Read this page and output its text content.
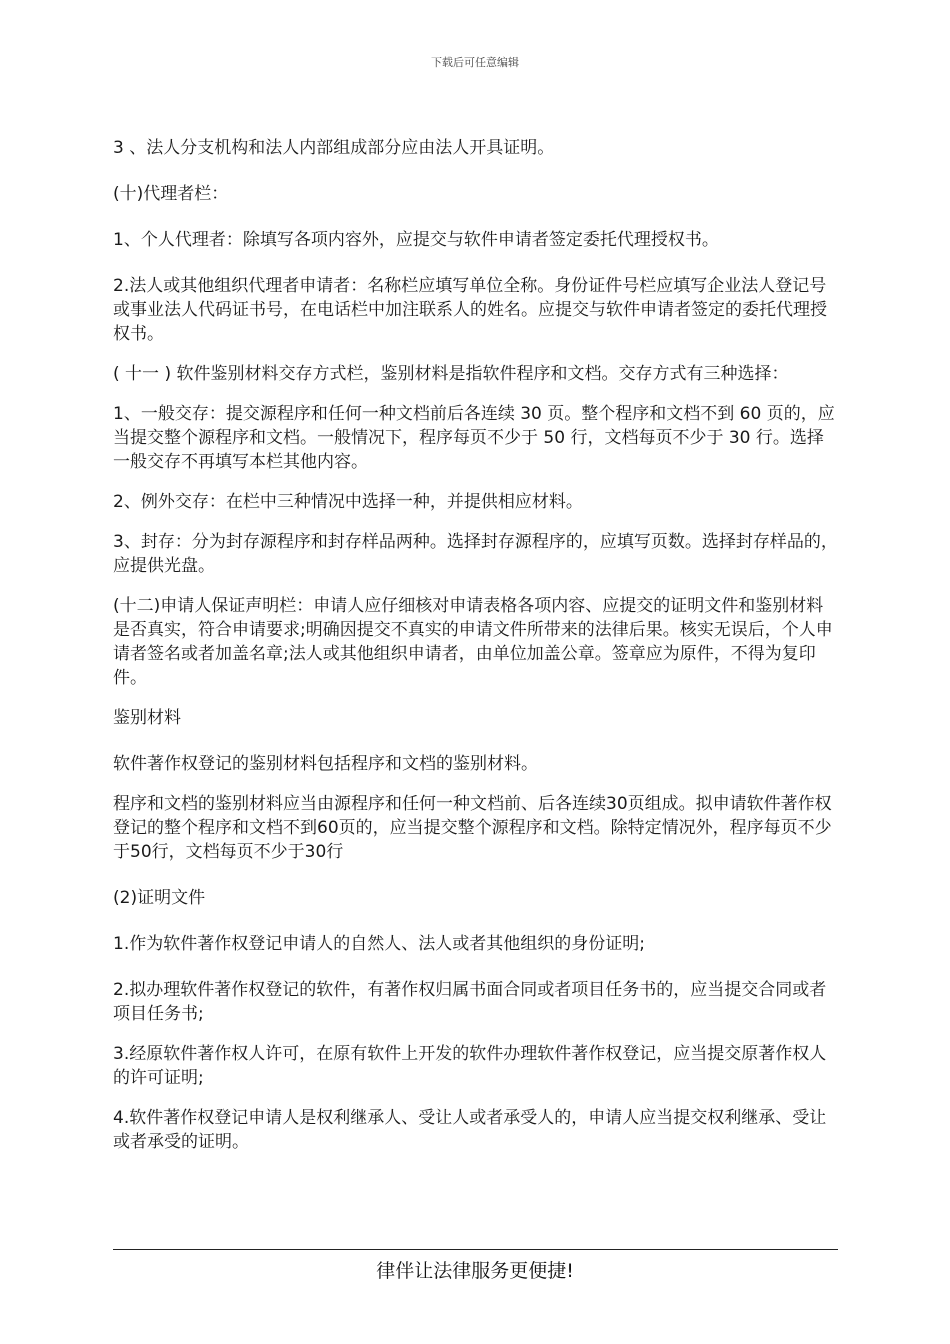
下载后可任意编辑

3 、法人分支机构和法人内部组成部分应由法人开具证明。

(十)代理者栏：

1、个人代理者：除填写各项内容外，应提交与软件申请者签定委托代理授权书。

2.法人或其他组织代理者申请者：名称栏应填写单位全称。身份证件号栏应填写企业法人登记号或事业法人代码证书号，在电话栏中加注联系人的姓名。应提交与软件申请者签定的委托代理授权书。

( 十一 ) 软件鉴别材料交存方式栏，鉴别材料是指软件程序和文档。交存方式有三种选择：

1、一般交存：提交源程序和任何一种文档前后各连续 30 页。整个程序和文档不到 60 页的，应当提交整个源程序和文档。一般情况下，程序每页不少于 50 行，文档每页不少于 30 行。选择一般交存不再填写本栏其他内容。

2、例外交存：在栏中三种情况中选择一种，并提供相应材料。

3、封存：分为封存源程序和封存样品两种。选择封存源程序的，应填写页数。选择封存样品的，应提供光盘。

(十二)申请人保证声明栏：申请人应仔细核对申请表格各项内容、应提交的证明文件和鉴别材料是否真实，符合申请要求;明确因提交不真实的申请文件所带来的法律后果。核实无误后，个人申请者签名或者加盖名章;法人或其他组织申请者，由单位加盖公章。签章应为原件，不得为复印件。

鉴别材料

软件著作权登记的鉴别材料包括程序和文档的鉴别材料。

程序和文档的鉴别材料应当由源程序和任何一种文档前、后各连续30页组成。拟申请软件著作权登记的整个程序和文档不到60页的，应当提交整个源程序和文档。除特定情况外，程序每页不少于50行，文档每页不少于30行

(2)证明文件

1.作为软件著作权登记申请人的自然人、法人或者其他组织的身份证明;

2.拟办理软件著作权登记的软件，有著作权归属书面合同或者项目任务书的，应当提交合同或者项目任务书;

3.经原软件著作权人许可，在原有软件上开发的软件办理软件著作权登记，应当提交原著作权人的许可证明;

4.软件著作权登记申请人是权利继承人、受让人或者承受人的，申请人应当提交权利继承、受让或者承受的证明。

律伴让法律服务更便捷!
